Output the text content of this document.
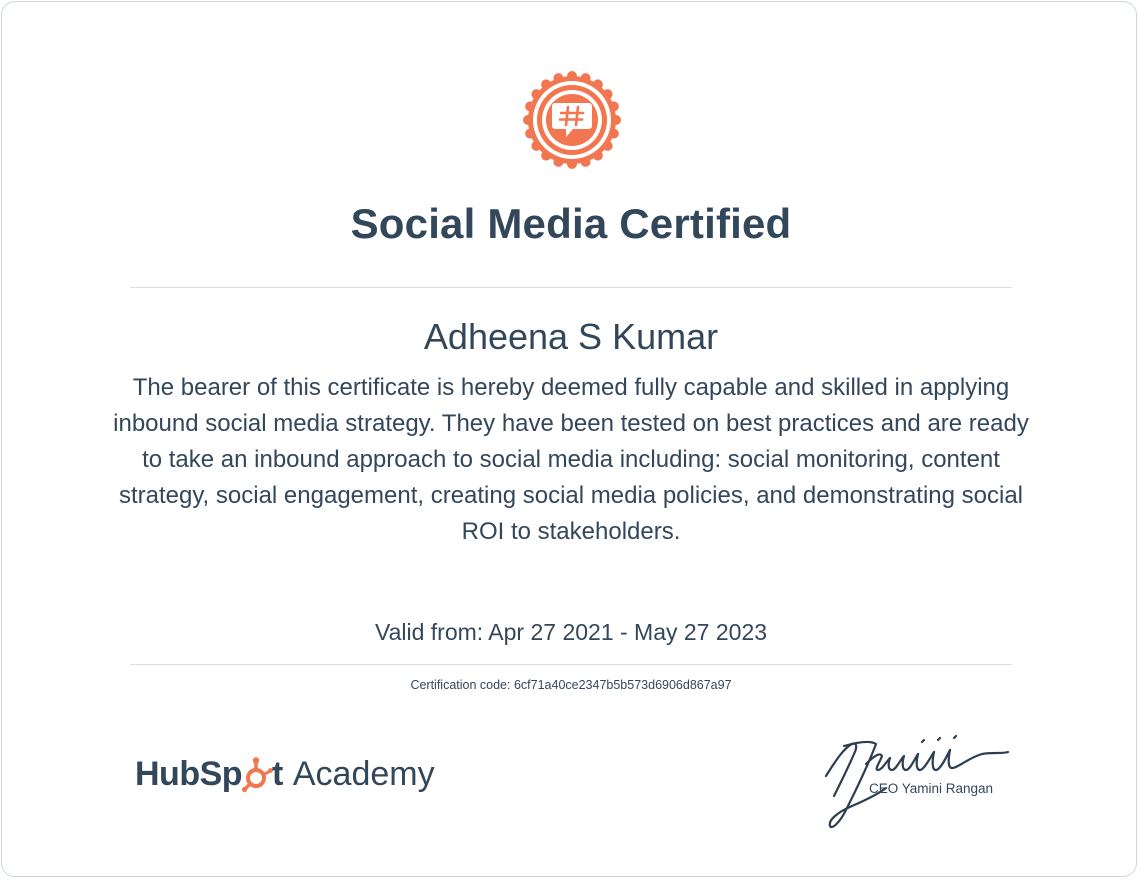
Social Media Certified
Adheena S Kumar
The bearer of this certificate is hereby deemed fully capable and skilled in applying inbound social media strategy. They have been tested on best practices and are ready to take an inbound approach to social media including: social monitoring, content strategy, social engagement, creating social media policies, and demonstrating social ROI to stakeholders.
Valid from: Apr 27 2021 - May 27 2023
Certification code: 6cf71a40ce2347b5b573d6906d867a97
HubSp t Academy	CEO Yamini Rangan
